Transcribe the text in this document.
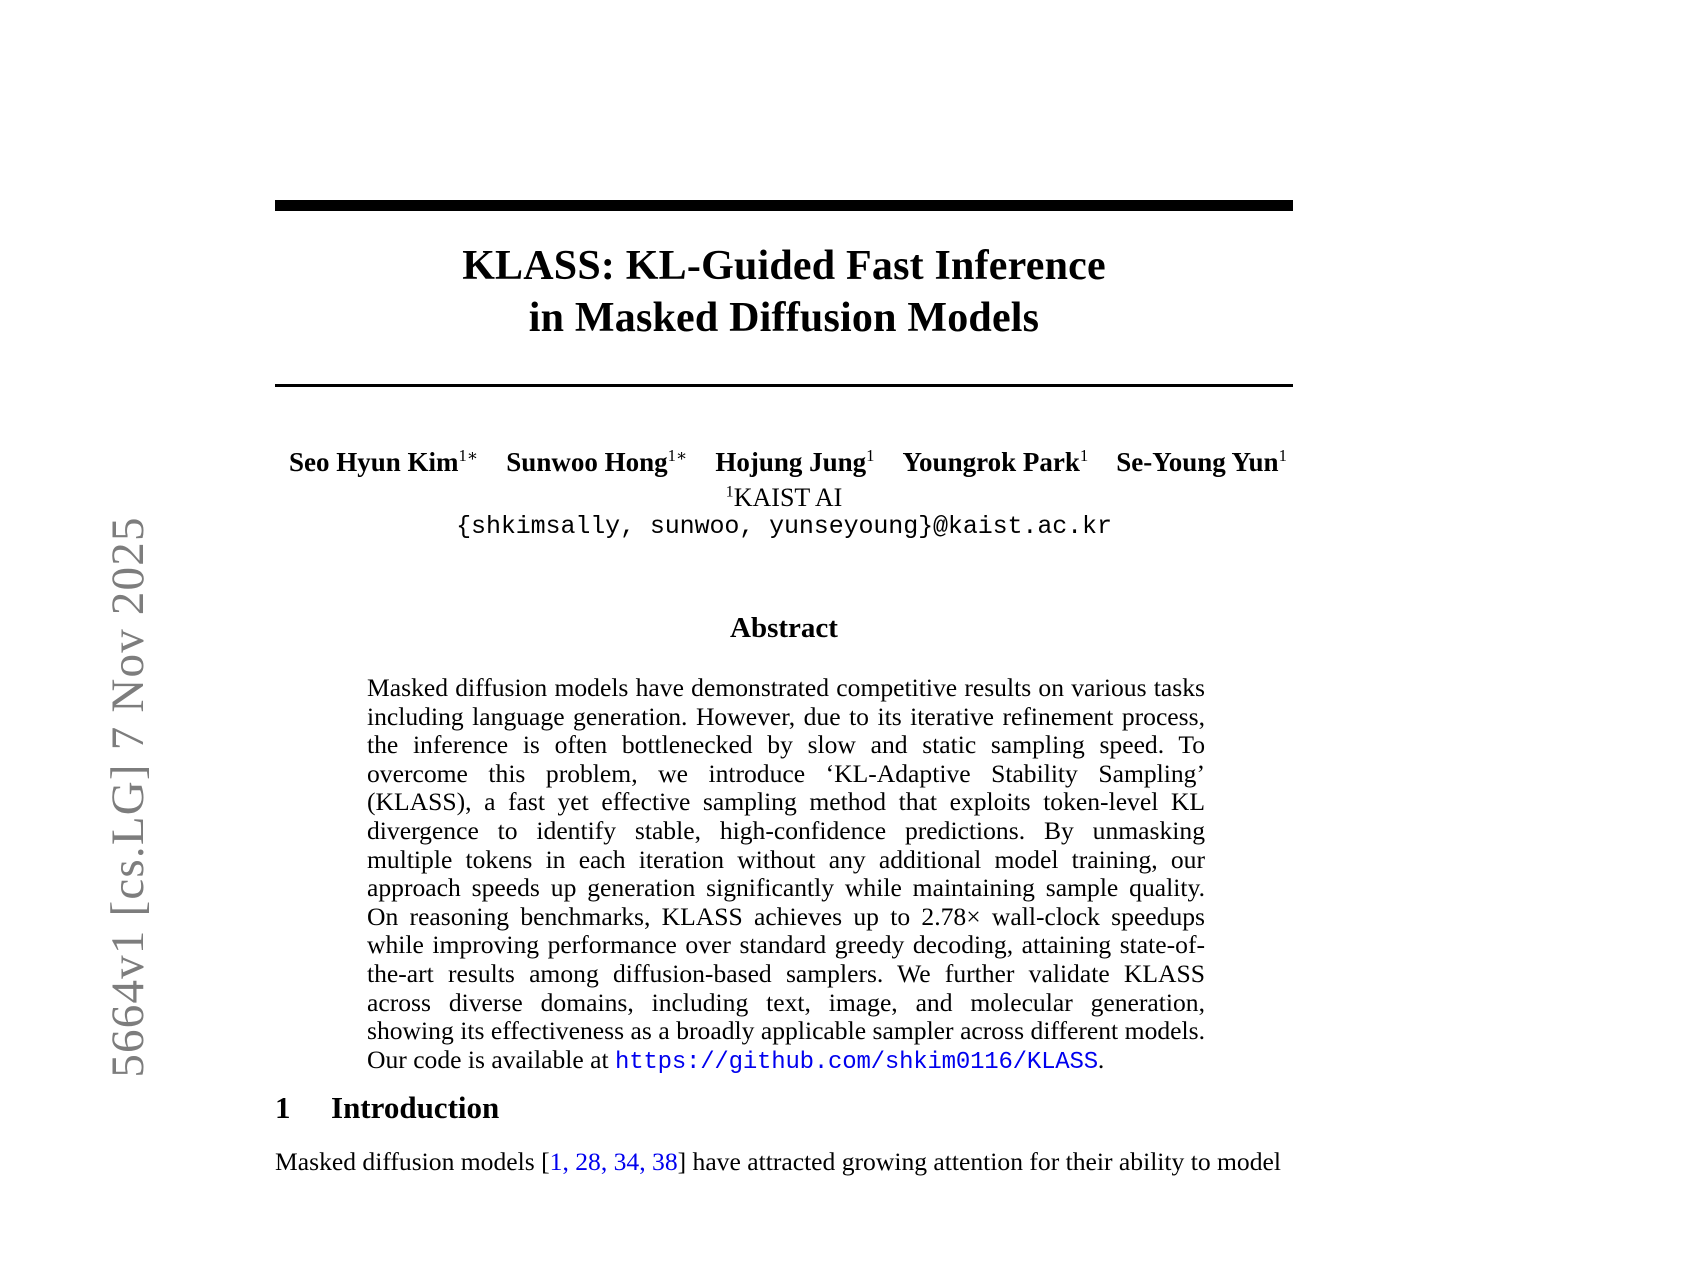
5664v1 [cs.LG] 7 Nov 2025
KLASS: KL-Guided Fast Inference
in Masked Diffusion Models
Seo Hyun Kim$^{1∗}$ Sunwoo Hong$^{1∗}$ Hojung Jung$^1$ Youngrok Park$^1$ Se-Young Yun$^1$
$^1$KAIST AI
{shkimsally, sunwoo, yunseyoung}@kaist.ac.kr
Abstract
Masked diffusion models have demonstrated competitive results on various tasks including language generation. However, due to its iterative refinement process, the inference is often bottlenecked by slow and static sampling speed. To overcome this problem, we introduce ‘KL-Adaptive Stability Sampling’ (KLASS), a fast yet effective sampling method that exploits token-level KL divergence to identify stable, high-confidence predictions. By unmasking multiple tokens in each iteration without any additional model training, our approach speeds up generation significantly while maintaining sample quality. On reasoning benchmarks, KLASS achieves up to 2.78× wall-clock speedups while improving performance over standard greedy decoding, attaining state-of-the-art results among diffusion-based samplers. We further validate KLASS across diverse domains, including text, image, and molecular generation, showing its effectiveness as a broadly applicable sampler across different models. Our code is available at https://github.com/shkim0116/KLASS.
1 Introduction
Masked diffusion models [1, 28, 34, 38] have attracted growing attention for their ability to model
